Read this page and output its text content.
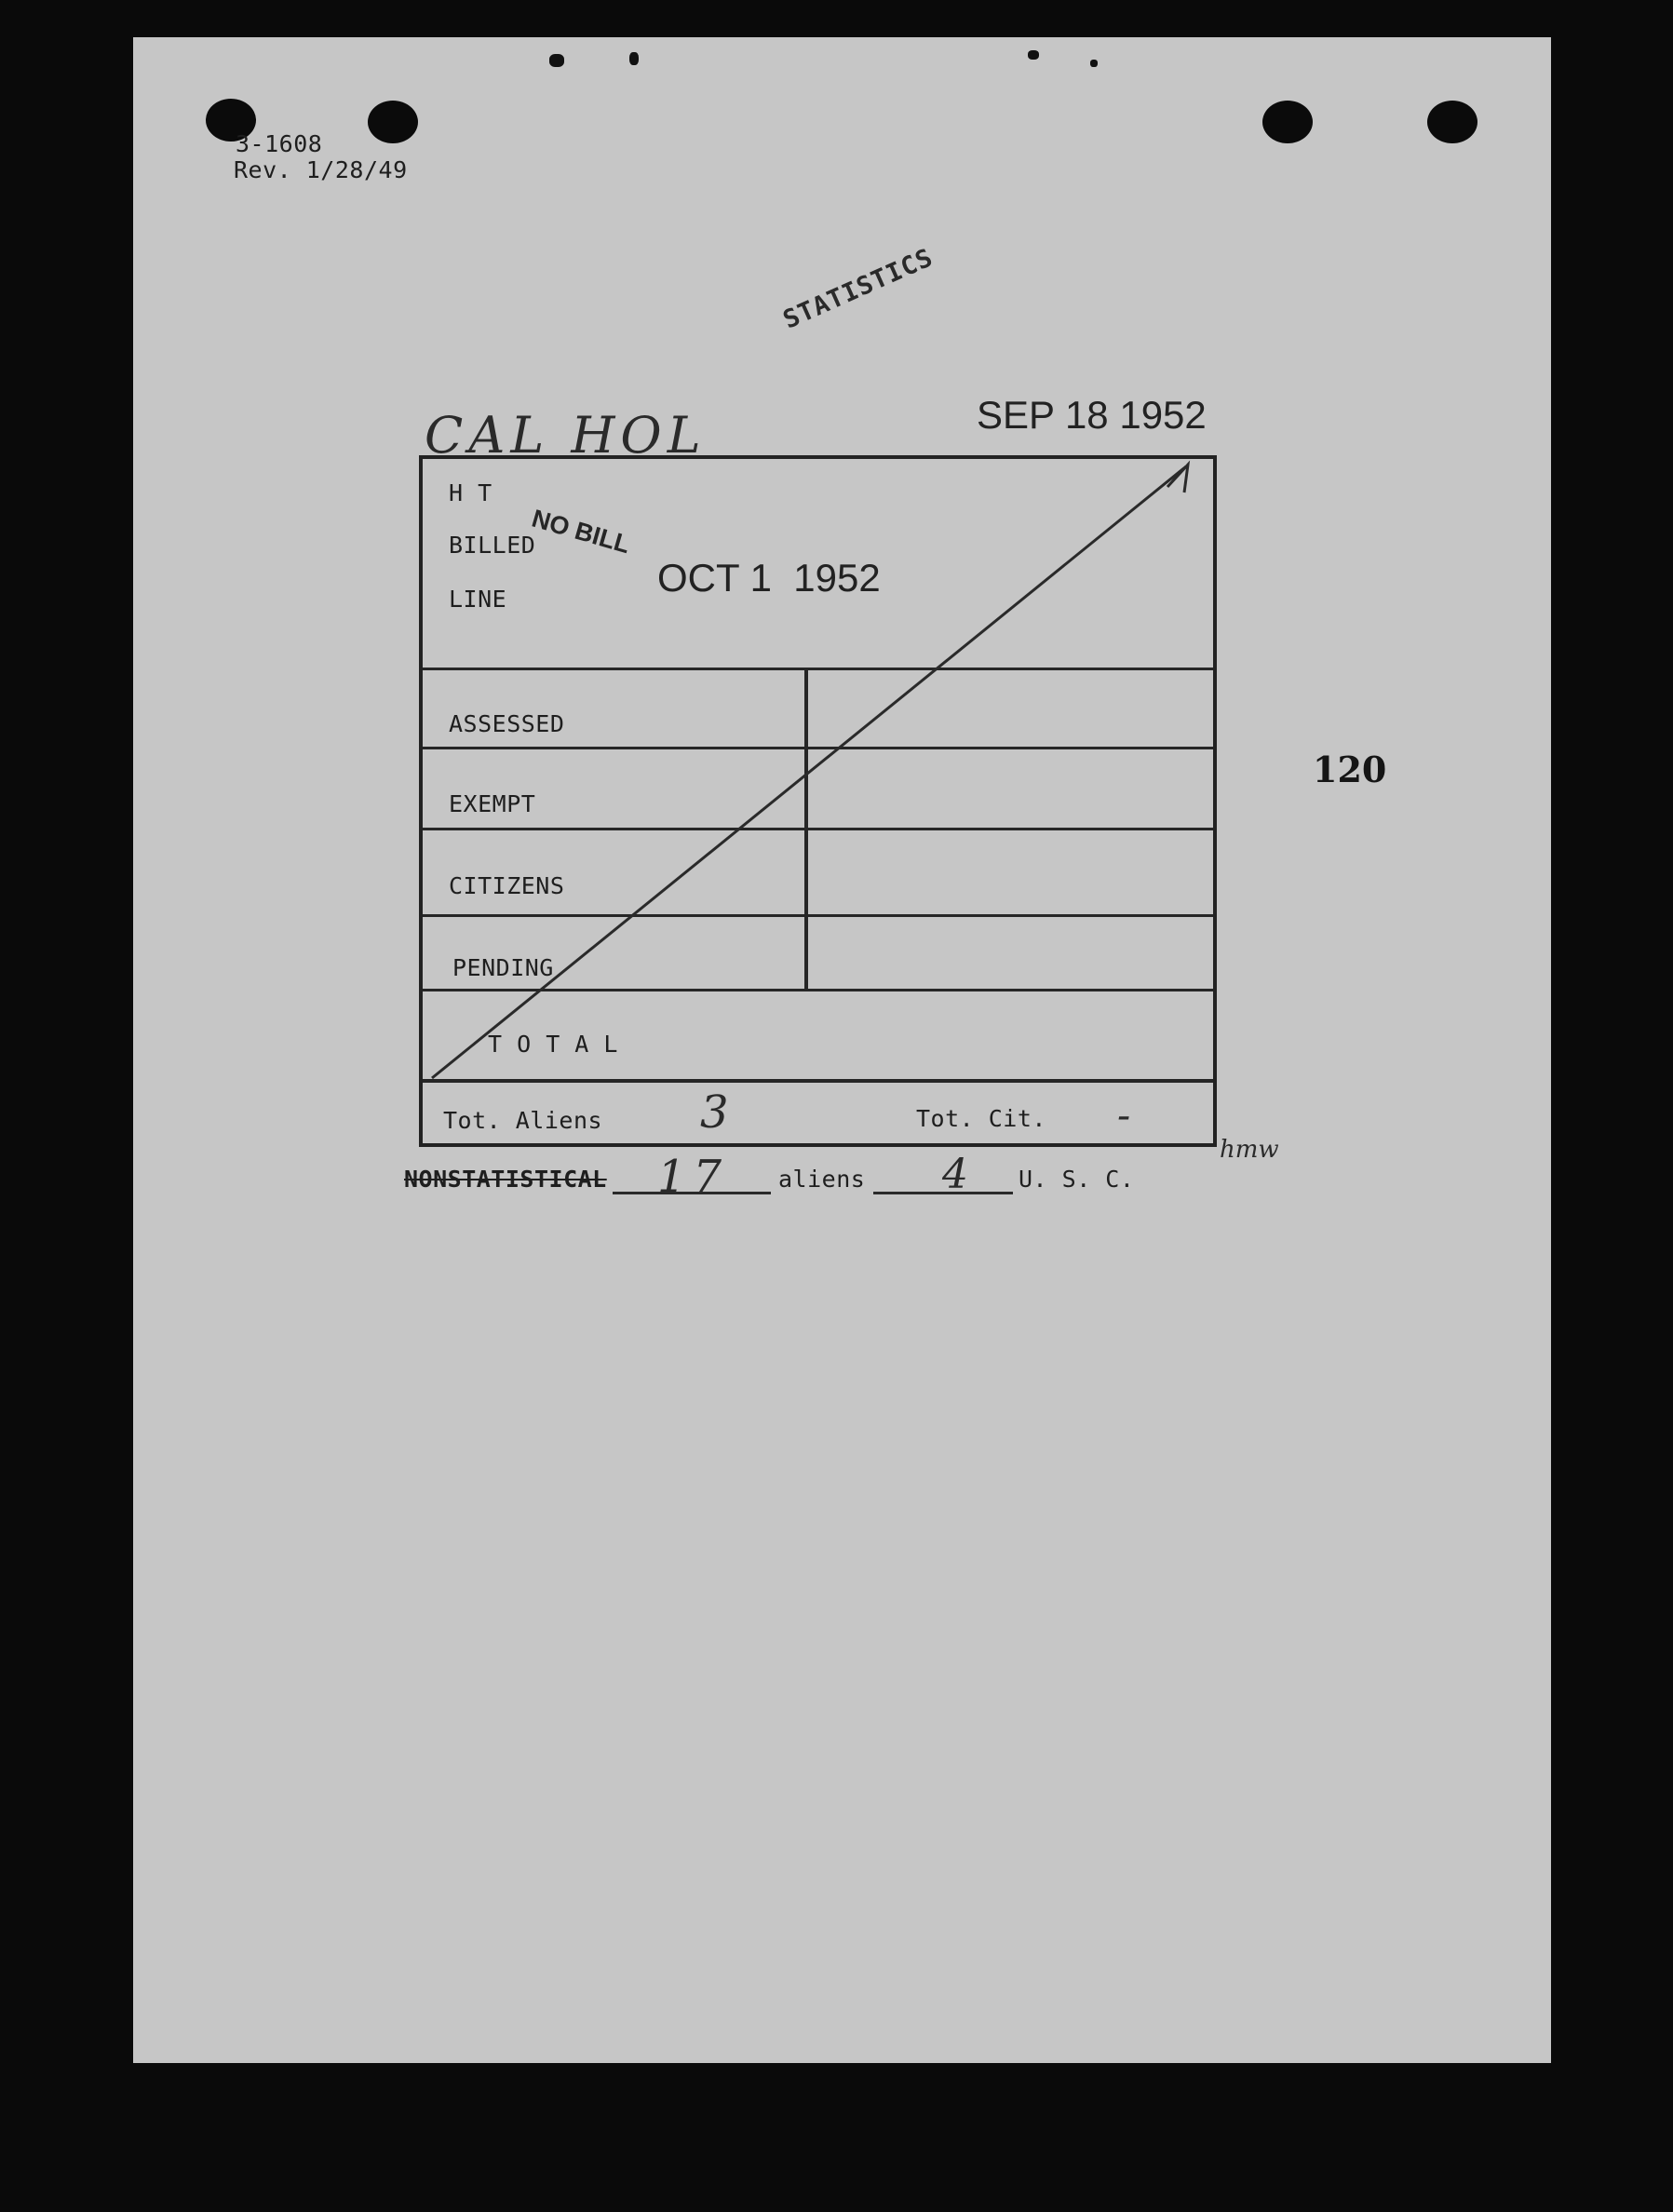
3-1608
Rev. 1/28/49
STATISTICS
CAL HOL	SEP 18 1952
H T
BILLED
LINE
ASSESSED
EXEMPT
CITIZENS
PENDING
T O T A L
NO BILL
OCT 1  1952
Tot. Aliens 3	Tot. Cit. -
hmw
NONSTATISTICAL 17 aliens 4 U. S. C.
120
